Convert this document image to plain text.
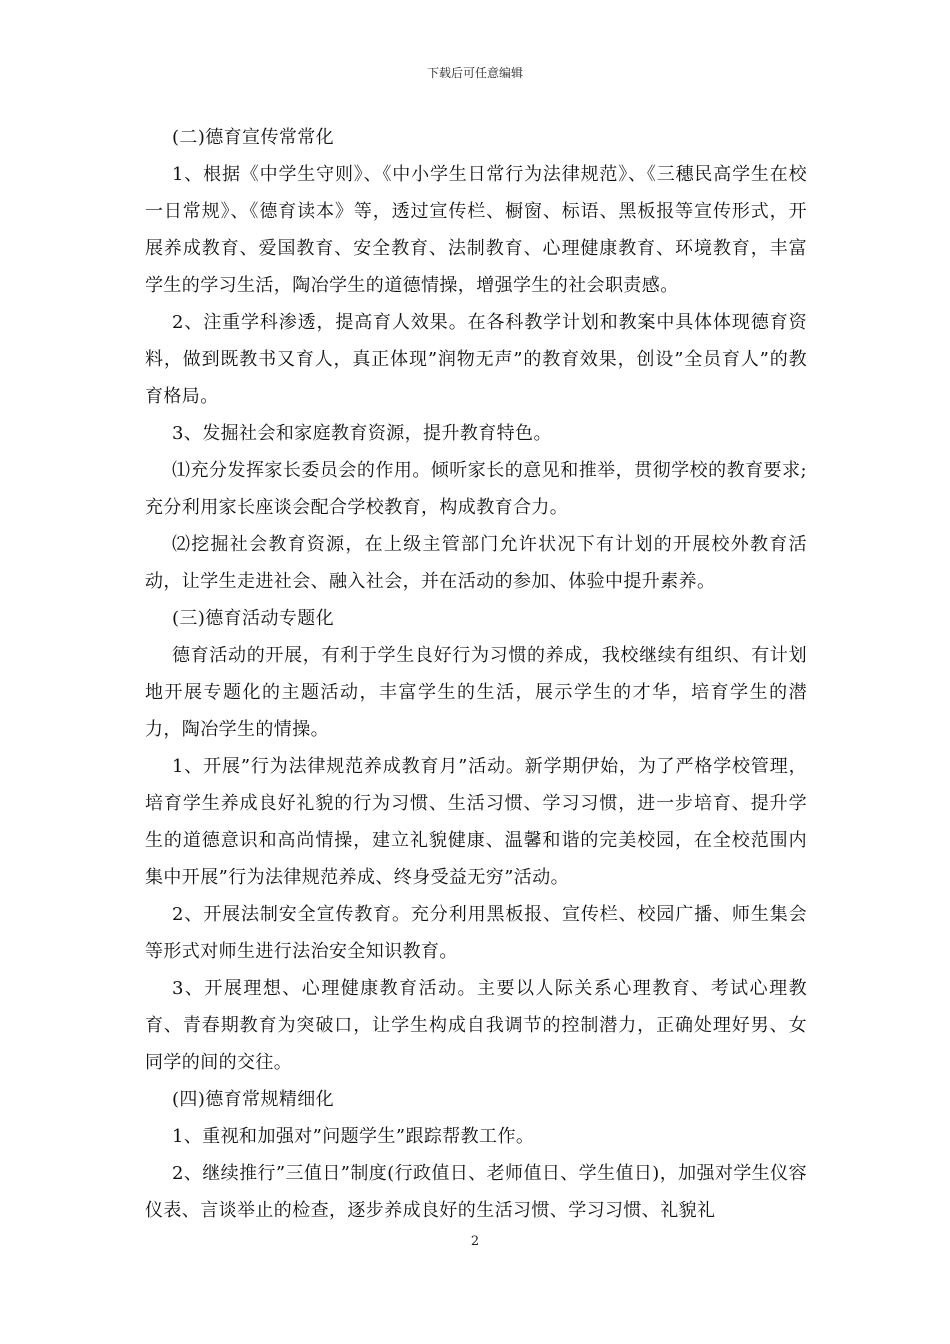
下载后可任意编辑

(二)德育宣传常常化

1、根据《中学生守则》、《中小学生日常行为法律规范》、《三穗民高学生在校一日常规》、《德育读本》等，透过宣传栏、橱窗、标语、黑板报等宣传形式，开展养成教育、爱国教育、安全教育、法制教育、心理健康教育、环境教育，丰富学生的学习生活，陶冶学生的道德情操，增强学生的社会职责感。

2、注重学科渗透，提高育人效果。在各科教学计划和教案中具体体现德育资料，做到既教书又育人，真正体现”润物无声”的教育效果，创设”全员育人”的教育格局。

3、发掘社会和家庭教育资源，提升教育特色。

⑴充分发挥家长委员会的作用。倾听家长的意见和推举，贯彻学校的教育要求;充分利用家长座谈会配合学校教育，构成教育合力。

⑵挖掘社会教育资源，在上级主管部门允许状况下有计划的开展校外教育活动，让学生走进社会、融入社会，并在活动的参加、体验中提升素养。

(三)德育活动专题化

德育活动的开展，有利于学生良好行为习惯的养成，我校继续有组织、有计划地开展专题化的主题活动，丰富学生的生活，展示学生的才华，培育学生的潜力，陶冶学生的情操。

1、开展”行为法律规范养成教育月”活动。新学期伊始，为了严格学校管理，培育学生养成良好礼貌的行为习惯、生活习惯、学习习惯，进一步培育、提升学生的道德意识和高尚情操，建立礼貌健康、温馨和谐的完美校园，在全校范围内集中开展”行为法律规范养成、终身受益无穷”活动。

2、开展法制安全宣传教育。充分利用黑板报、宣传栏、校园广播、师生集会等形式对师生进行法治安全知识教育。

3、开展理想、心理健康教育活动。主要以人际关系心理教育、考试心理教育、青春期教育为突破口，让学生构成自我调节的控制潜力，正确处理好男、女同学的间的交往。

(四)德育常规精细化

1、重视和加强对”问题学生”跟踪帮教工作。

2、继续推行”三值日”制度(行政值日、老师值日、学生值日)，加强对学生仪容仪表、言谈举止的检查，逐步养成良好的生活习惯、学习习惯、礼貌礼

2
